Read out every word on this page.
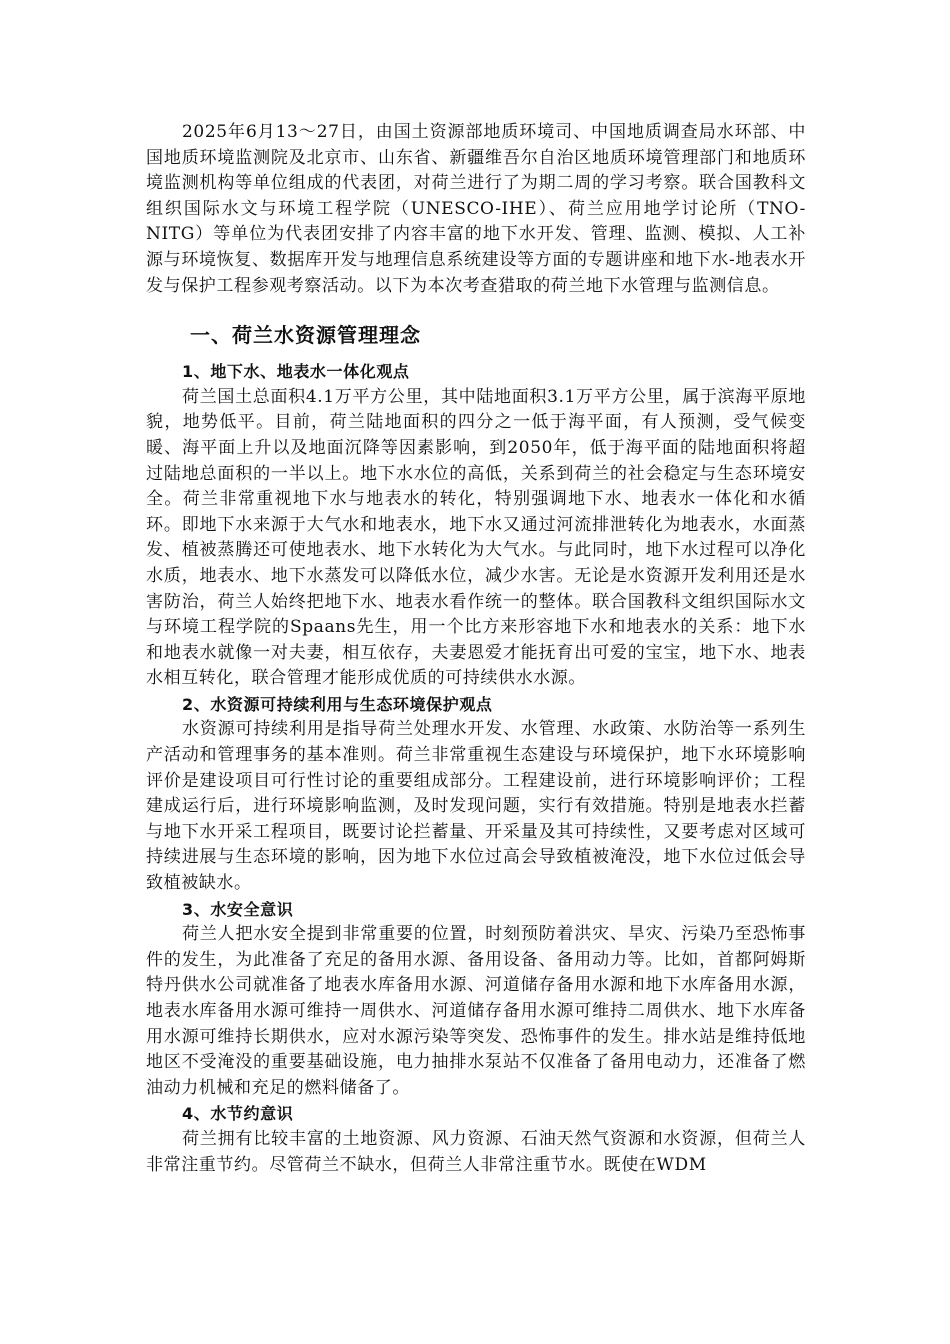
2025年6月13～27日，由国土资源部地质环境司、中国地质调查局水环部、中国地质环境监测院及北京市、山东省、新疆维吾尔自治区地质环境管理部门和地质环境监测机构等单位组成的代表团，对荷兰进行了为期二周的学习考察。联合国教科文组织国际水文与环境工程学院（UNESCO-IHE）、荷兰应用地学讨论所（TNO-NITG）等单位为代表团安排了内容丰富的地下水开发、管理、监测、模拟、人工补源与环境恢复、数据库开发与地理信息系统建设等方面的专题讲座和地下水-地表水开发与保护工程参观考察活动。以下为本次考查猎取的荷兰地下水管理与监测信息。

一、荷兰水资源管理理念
1、地下水、地表水一体化观点

荷兰国土总面积4.1万平方公里，其中陆地面积3.1万平方公里，属于滨海平原地貌，地势低平。目前，荷兰陆地面积的四分之一低于海平面，有人预测，受气候变暖、海平面上升以及地面沉降等因素影响，到2050年，低于海平面的陆地面积将超过陆地总面积的一半以上。地下水水位的高低，关系到荷兰的社会稳定与生态环境安全。荷兰非常重视地下水与地表水的转化，特别强调地下水、地表水一体化和水循环。即地下水来源于大气水和地表水，地下水又通过河流排泄转化为地表水，水面蒸发、植被蒸腾还可使地表水、地下水转化为大气水。与此同时，地下水过程可以净化水质，地表水、地下水蒸发可以降低水位，减少水害。无论是水资源开发利用还是水害防治，荷兰人始终把地下水、地表水看作统一的整体。联合国教科文组织国际水文与环境工程学院的Spaans先生，用一个比方来形容地下水和地表水的关系：地下水和地表水就像一对夫妻，相互依存，夫妻恩爱才能抚育出可爱的宝宝，地下水、地表水相互转化，联合管理才能形成优质的可持续供水水源。

2、水资源可持续利用与生态环境保护观点

水资源可持续利用是指导荷兰处理水开发、水管理、水政策、水防治等一系列生产活动和管理事务的基本准则。荷兰非常重视生态建设与环境保护，地下水环境影响评价是建设项目可行性讨论的重要组成部分。工程建设前，进行环境影响评价；工程建成运行后，进行环境影响监测，及时发现问题，实行有效措施。特别是地表水拦蓄与地下水开采工程项目，既要讨论拦蓄量、开采量及其可持续性，又要考虑对区域可持续进展与生态环境的影响，因为地下水位过高会导致植被淹没，地下水位过低会导致植被缺水。

3、水安全意识

荷兰人把水安全提到非常重要的位置，时刻预防着洪灾、旱灾、污染乃至恐怖事件的发生，为此准备了充足的备用水源、备用设备、备用动力等。比如，首都阿姆斯特丹供水公司就准备了地表水库备用水源、河道储存备用水源和地下水库备用水源，地表水库备用水源可维持一周供水、河道储存备用水源可维持二周供水、地下水库备用水源可维持长期供水，应对水源污染等突发、恐怖事件的发生。排水站是维持低地地区不受淹没的重要基础设施，电力抽排水泵站不仅准备了备用电动力，还准备了燃油动力机械和充足的燃料储备了。

4、水节约意识

荷兰拥有比较丰富的土地资源、风力资源、石油天然气资源和水资源，但荷兰人非常注重节约。尽管荷兰不缺水，但荷兰人非常注重节水。既使在WDM
